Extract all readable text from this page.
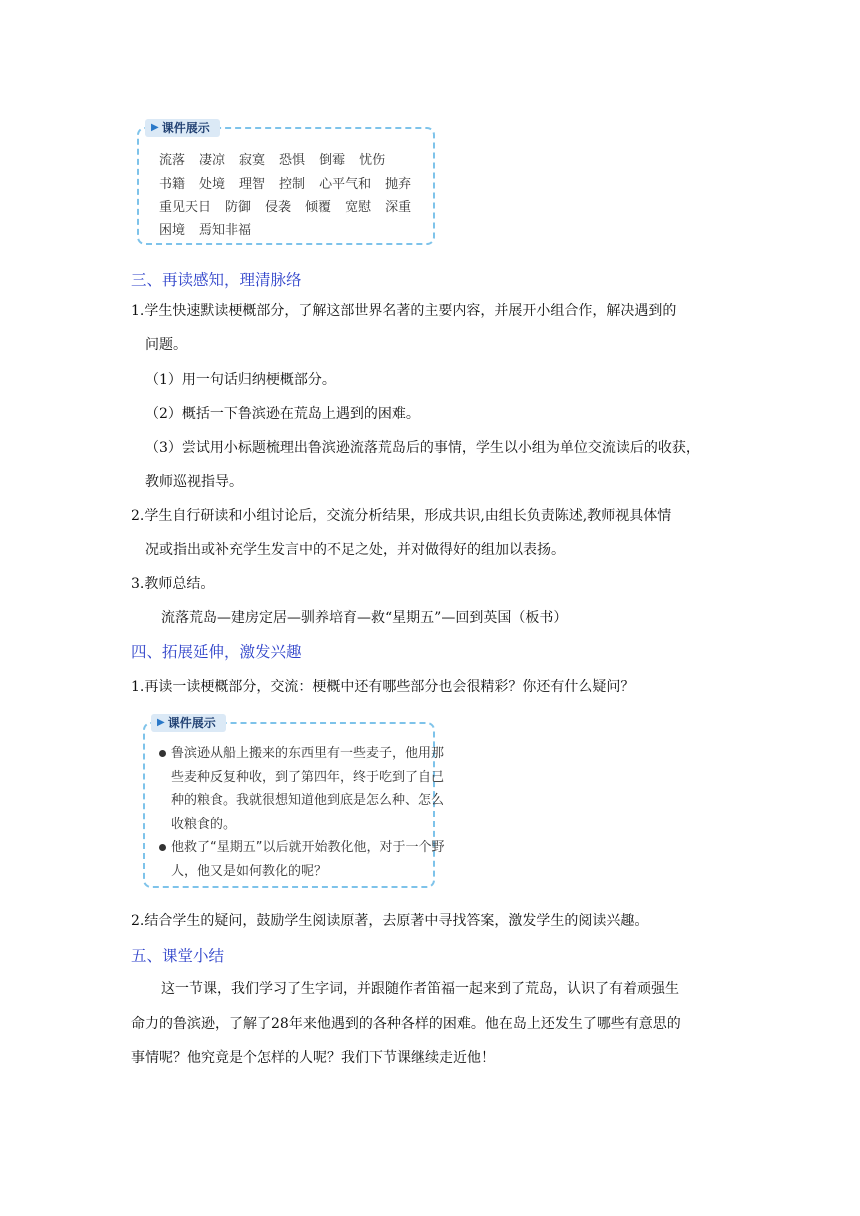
▶ 课件展示
流落 凄凉 寂寞 恐惧 倒霉 忧伤
书籍 处境 理智 控制 心平气和 抛弃
重见天日 防御 侵袭 倾覆 宽慰 深重
困境 焉知非福
三、再读感知，理清脉络
1.学生快速默读梗概部分，了解这部世界名著的主要内容，并展开小组合作，解决遇到的
问题。
（1）用一句话归纳梗概部分。
（2）概括一下鲁滨逊在荒岛上遇到的困难。
（3）尝试用小标题梳理出鲁滨逊流落荒岛后的事情，学生以小组为单位交流读后的收获，
教师巡视指导。
2.学生自行研读和小组讨论后，交流分析结果，形成共识,由组长负责陈述,教师视具体情
况或指出或补充学生发言中的不足之处，并对做得好的组加以表扬。
3.教师总结。
流落荒岛—建房定居—驯养培育—救“星期五”—回到英国（板书）
四、拓展延伸，激发兴趣
1.再读一读梗概部分，交流：梗概中还有哪些部分也会很精彩？你还有什么疑问？
▶ 课件展示

鲁滨逊从船上搬来的东西里有一些麦子，他用那些麦种反复种收，到了第四年，终于吃到了自己种的粮食。我就很想知道他到底是怎么种、怎么收粮食的。

他救了“星期五”以后就开始教化他，对于一个野人，他又是如何教化的呢？

2.结合学生的疑问，鼓励学生阅读原著，去原著中寻找答案，激发学生的阅读兴趣。
五、课堂小结
这一节课，我们学习了生字词，并跟随作者笛福一起来到了荒岛，认识了有着顽强生
命力的鲁滨逊，了解了28年来他遇到的各种各样的困难。他在岛上还发生了哪些有意思的
事情呢？他究竟是个怎样的人呢？我们下节课继续走近他！
